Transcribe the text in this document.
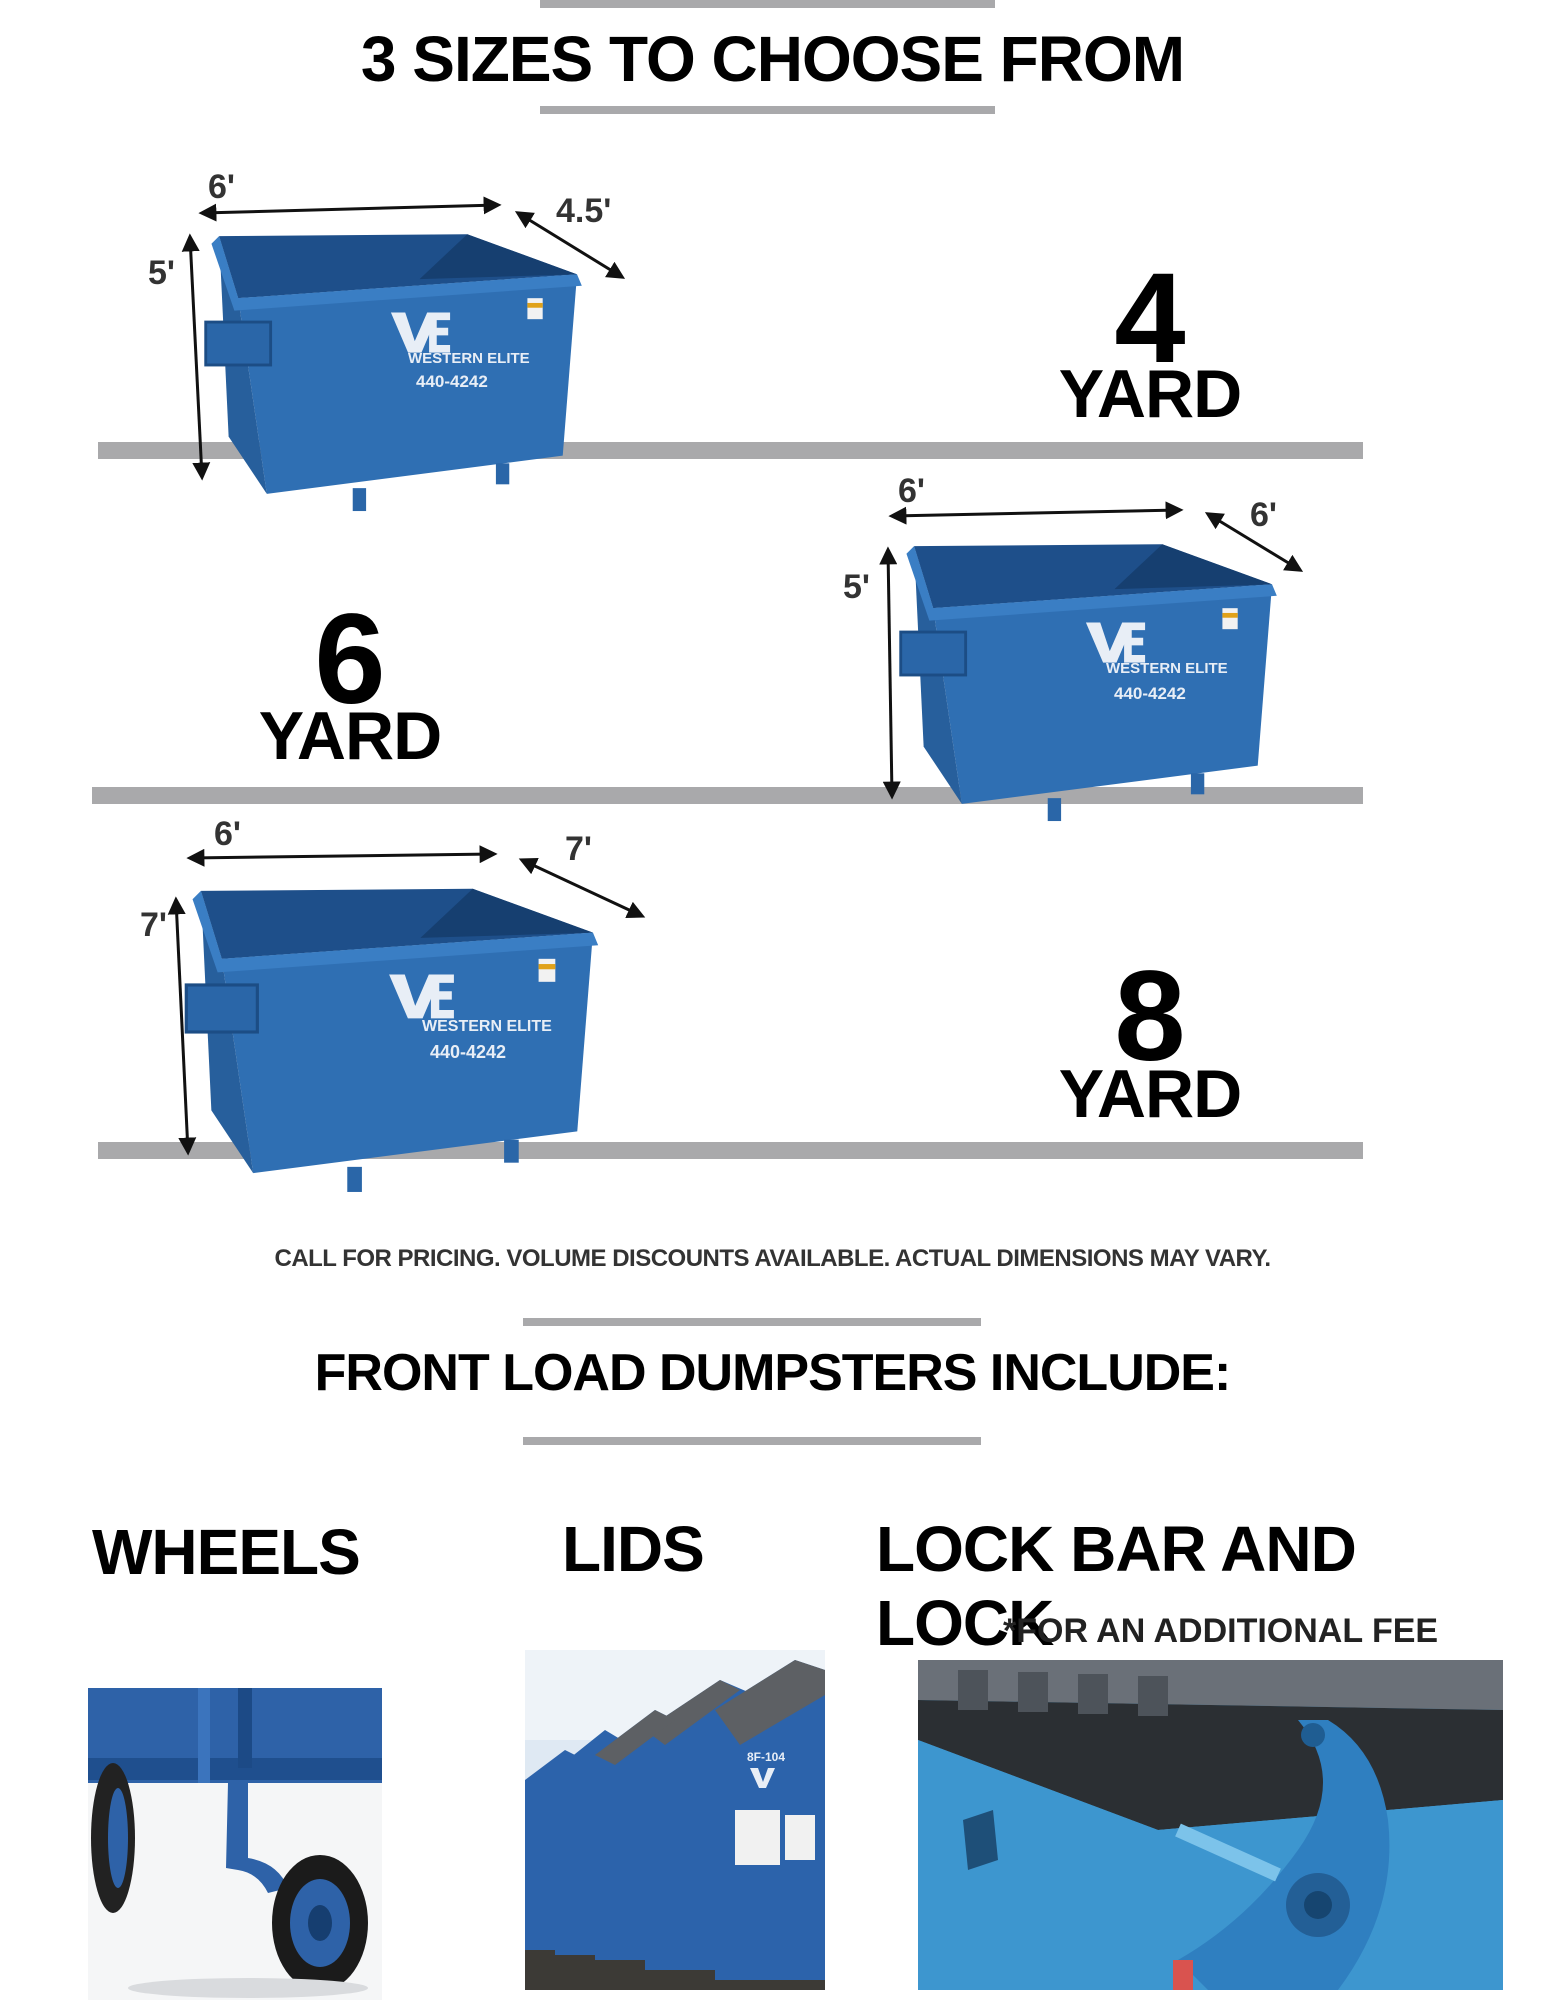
3 SIZES TO CHOOSE FROM
WESTERN ELITE
440-4242
6'
4.5'
5'	4
YARD
WESTERN ELITE
440-4242
6'
6'
5'
6
YARD
WESTERN ELITE
440-4242
6'	7'
7'
8
YARD
CALL FOR PRICING. VOLUME DISCOUNTS AVAILABLE. ACTUAL DIMENSIONS MAY VARY.
FRONT LOAD DUMPSTERS INCLUDE:
WHEELS	LIDS	LOCK BAR AND LOCK
*FOR AN ADDITIONAL FEE
8F-104
